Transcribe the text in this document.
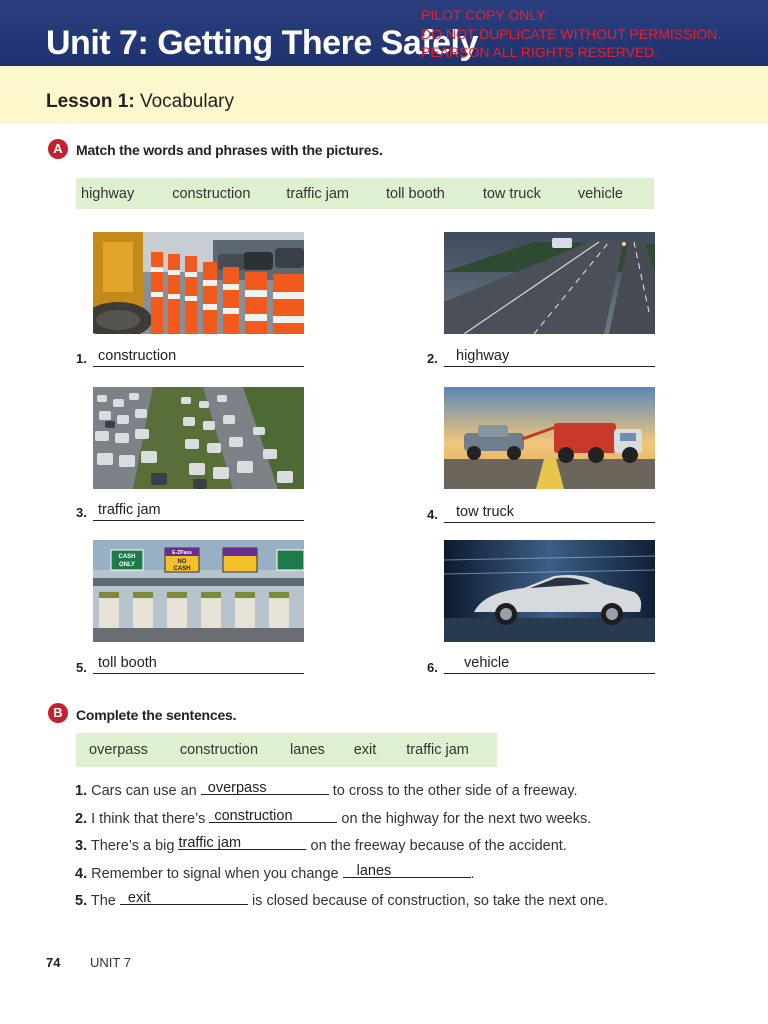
Unit 7: Getting There Safely
PILOT COPY ONLY.
DO NOT DUPLICATE WITHOUT PERMISSION.
PEARSON ALL RIGHTS RESERVED.
Lesson 1: Vocabulary
A Match the words and phrases with the pictures.
highway	construction traffic jam	toll booth	tow truck	vehicle
1. construction	2. highway
3. traffic jam	4. tow truck
CASH
ONLY
E-ZPass
NO
CASH
5. toll booth	6. vehicle
B Complete the sentences.
overpass construction lanes exit traffic jam
1. Cars can use an overpass	to cross to the other side of a freeway.
2. I think that there’s construction	on the highway for the next two weeks.
3. There’s a big traffic jam	on the freeway because of the accident.
4. Remember to signal when you change lanes	.
5. The exit	is closed because of construction, so take the next one.
74 UNIT 7
